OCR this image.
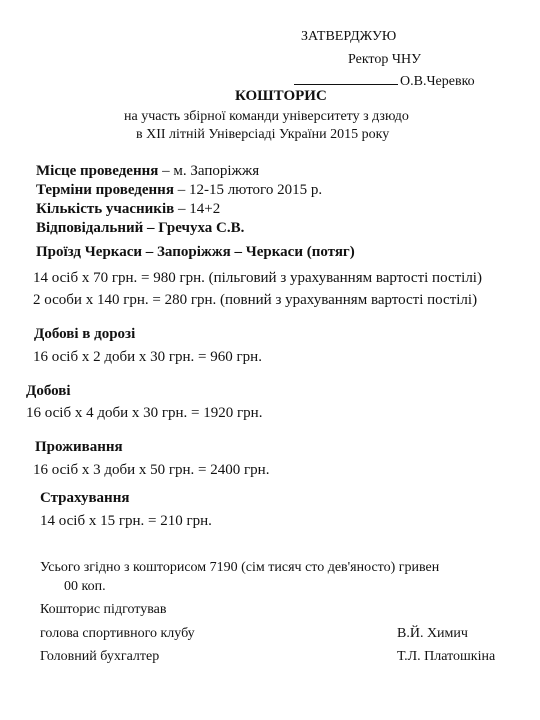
ЗАТВЕРДЖУЮ
Ректор ЧНУ
О.В.Черевко
КОШТОРИС
на участь збірної команди університету з дзюдо
в ХІІ літній Універсіаді України 2015 року
Місце проведення – м. Запоріжжя
Терміни проведення – 12-15 лютого 2015 р.
Кількість учасників – 14+2
Відповідальний – Гречуха С.В.
Проїзд Черкаси – Запоріжжя – Черкаси (потяг)
14 осіб х 70 грн. = 980 грн. (пільговий з урахуванням вартості постілі)
2 особи х 140 грн. = 280 грн. (повний з урахуванням вартості постілі)
Добові в дорозі
16 осіб х 2 доби х 30 грн. = 960 грн.
Добові
16 осіб х 4 доби х 30 грн. = 1920 грн.
Проживання
16 осіб х 3 доби х 50 грн. = 2400 грн.
Страхування
14 осіб х 15 грн. = 210 грн.
Усього згідно з кошторисом 7190 (сім тисяч сто дев'яносто) гривен
00 коп.
Кошторис підготував
голова спортивного клубу	В.Й. Химич
Головний бухгалтер	Т.Л. Платошкіна
